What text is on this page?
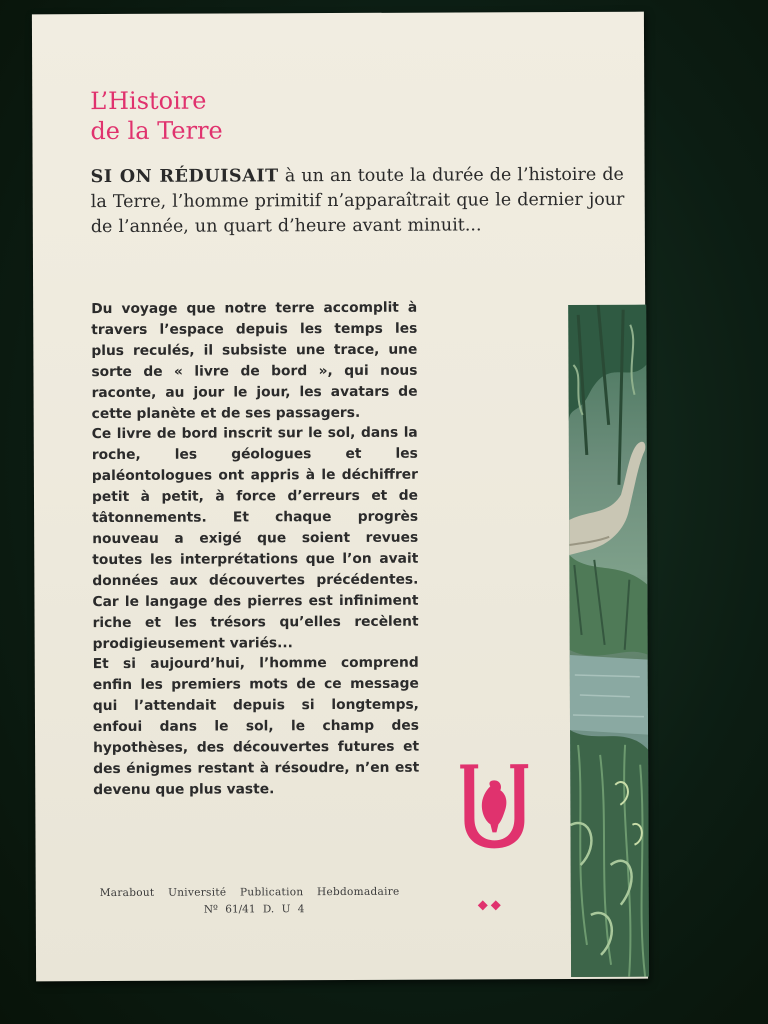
L’Histoire
de la Terre

SI ON RÉDUISAIT à un an toute la durée de l’histoire de la Terre, l’homme primitif n’apparaîtrait que le dernier jour de l’année, un quart d’heure avant minuit...

Du voyage que notre terre accomplit à travers l’espace depuis les temps les plus reculés, il subsiste une trace, une sorte de « livre de bord », qui nous raconte, au jour le jour, les avatars de cette planète et de ses passagers.

Ce livre de bord inscrit sur le sol, dans la roche, les géologues et les paléontologues ont appris à le déchiffrer petit à petit, à force d’erreurs et de tâtonnements. Et chaque progrès nouveau a exigé que soient revues toutes les interprétations que l’on avait données aux découvertes précédentes. Car le langage des pierres est infiniment riche et les trésors qu’elles recèlent prodigieusement variés...

Et si aujourd’hui, l’homme comprend enfin les premiers mots de ce message qui l’attendait depuis si longtemps, enfoui dans le sol, le champ des hypothèses, des découvertes futures et des énigmes restant à résoudre, n’en est devenu que plus vaste.

Marabout Université Publication Hebdomadaire

Nº 61/41 D. U 4
